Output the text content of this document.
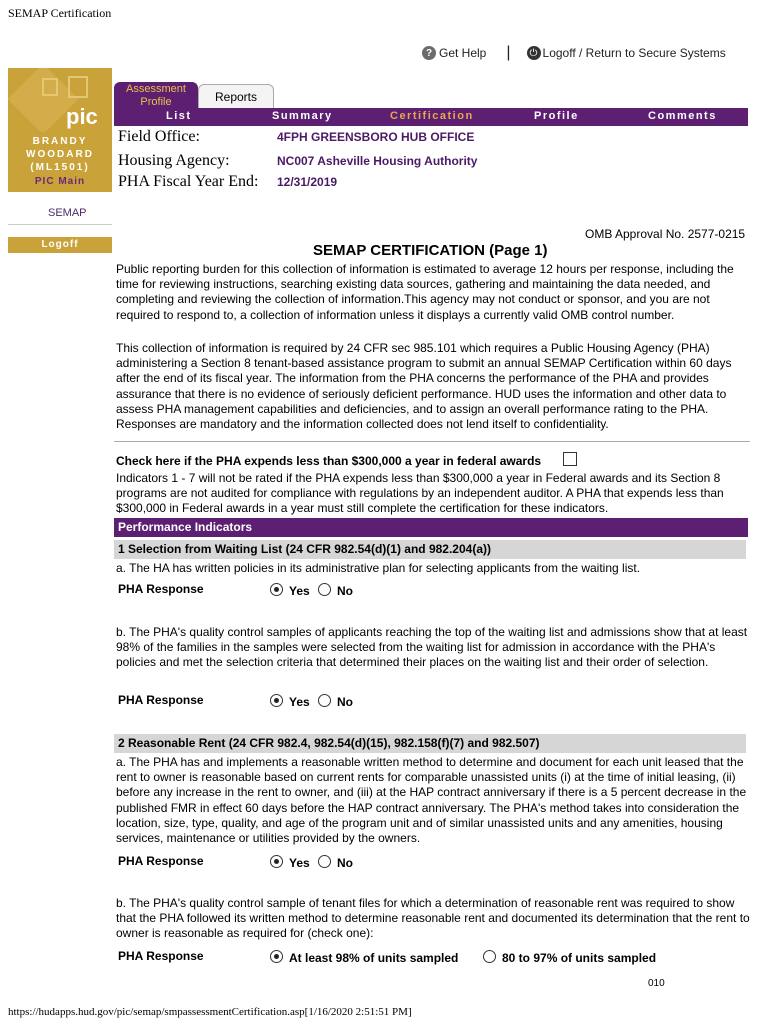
SEMAP Certification
? Get Help |	⏻ Logoff / Return to Secure Systems
pic
BRANDY
WOODARD
(ML1501)
PIC Main
SEMAP
Logoff
Assessment
Profile	Reports
List	Summary	Certification	Profile	Comments
Field Office:	4FPH GREENSBORO HUB OFFICE
Housing Agency:	NC007 Asheville Housing Authority
PHA Fiscal Year End: 12/31/2019
OMB Approval No. 2577-0215
SEMAP CERTIFICATION (Page 1)
Public reporting burden for this collection of information is estimated to average 12 hours per response, including the time for reviewing instructions, searching existing data sources, gathering and maintaining the data needed, and completing and reviewing the collection of information.This agency may not conduct or sponsor, and you are not required to respond to, a collection of information unless it displays a currently valid OMB control number.
This collection of information is required by 24 CFR sec 985.101 which requires a Public Housing Agency (PHA) administering a Section 8 tenant-based assistance program to submit an annual SEMAP Certification within 60 days after the end of its fiscal year. The information from the PHA concerns the performance of the PHA and provides assurance that there is no evidence of seriously deficient performance. HUD uses the information and other data to assess PHA management capabilities and deficiencies, and to assign an overall performance rating to the PHA. Responses are mandatory and the information collected does not lend itself to confidentiality.
Check here if the PHA expends less than $300,000 a year in federal awards
Indicators 1 - 7 will not be rated if the PHA expends less than $300,000 a year in Federal awards and its Section 8 programs are not audited for compliance with regulations by an independent auditor. A PHA that expends less than $300,000 in Federal awards in a year must still complete the certification for these indicators.
Performance Indicators
1 Selection from Waiting List (24 CFR 982.54(d)(1) and 982.204(a))
a. The HA has written policies in its administrative plan for selecting applicants from the waiting list.
PHA Response	Yes No
b. The PHA's quality control samples of applicants reaching the top of the waiting list and admissions show that at least 98% of the families in the samples were selected from the waiting list for admission in accordance with the PHA's policies and met the selection criteria that determined their places on the waiting list and their order of selection.
PHA Response	Yes No
2 Reasonable Rent (24 CFR 982.4, 982.54(d)(15), 982.158(f)(7) and 982.507)
a. The PHA has and implements a reasonable written method to determine and document for each unit leased that the rent to owner is reasonable based on current rents for comparable unassisted units (i) at the time of initial leasing, (ii) before any increase in the rent to owner, and (iii) at the HAP contract anniversary if there is a 5 percent decrease in the published FMR in effect 60 days before the HAP contract anniversary. The PHA's method takes into consideration the location, size, type, quality, and age of the program unit and of similar unassisted units and any amenities, housing services, maintenance or utilities provided by the owners.
PHA Response	Yes No
b. The PHA's quality control sample of tenant files for which a determination of reasonable rent was required to show that the PHA followed its written method to determine reasonable rent and documented its determination that the rent to owner is reasonable as required for (check one):
PHA Response	At least 98% of units sampled	80 to 97% of units sampled
010
https://hudapps.hud.gov/pic/semap/smpassessmentCertification.asp[1/16/2020 2:51:51 PM]
